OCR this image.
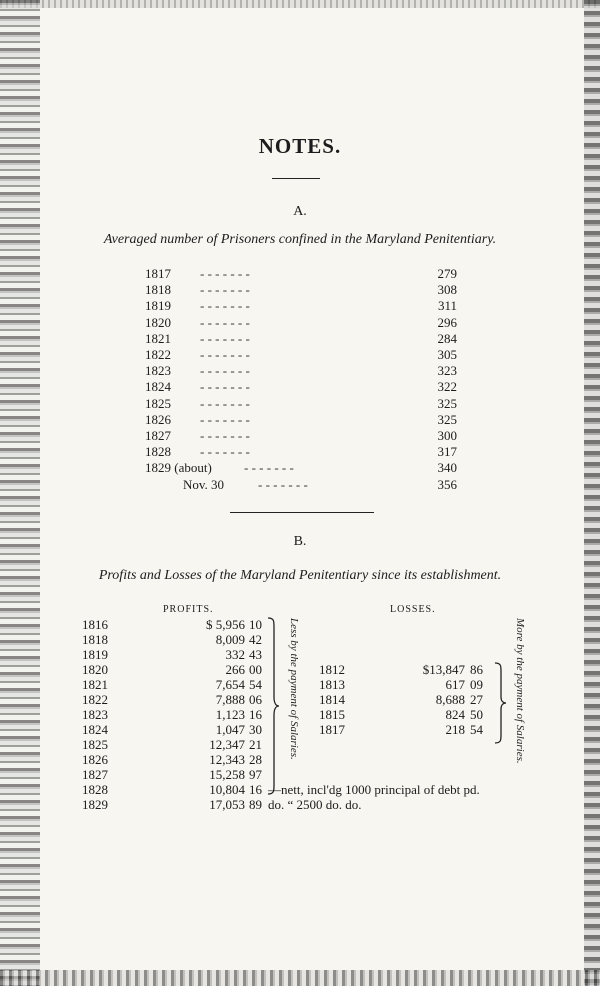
NOTES.
A.
Averaged number of Prisoners confined in the Maryland Penitentiary.
1817 - - - - - - -	279
1818 - - - - - - -	308
1819 - - - - - - -	311
1820 - - - - - - -	296
1821 - - - - - - -	284
1822 - - - - - - -	305
1823 - - - - - - -	323
1824 - - - - - - -	322
1825 - - - - - - -	325
1826 - - - - - - -	325
1827 - - - - - - -	300
1828 - - - - - - -	317
1829 (about) - - - - - - -	340
Nov. 30	- - - - - - -	356
B.
Profits and Losses of the Maryland Penitentiary since its establishment.
PROFITS.	LOSSES.
1816	$ 5,956 10
1818	8,009 42
1819	332 43
1820	266 00
1821	7,654 54
1822	7,888 06
1823	1,123 16
1824	1,047 30
1825	12,347 21
1826	12,343 28
1827	15,258 97
1828	10,804 16 —nett, incl'dg 1000 principal of debt pd.
1829	17,053 89 do. “ 2500 do. do.
1812	$13,847 86
1813	617 09
1814	8,688 27
1815	824 50
1817	218 54
Less by the payment of Salaries.	More by the payment of Salaries.
